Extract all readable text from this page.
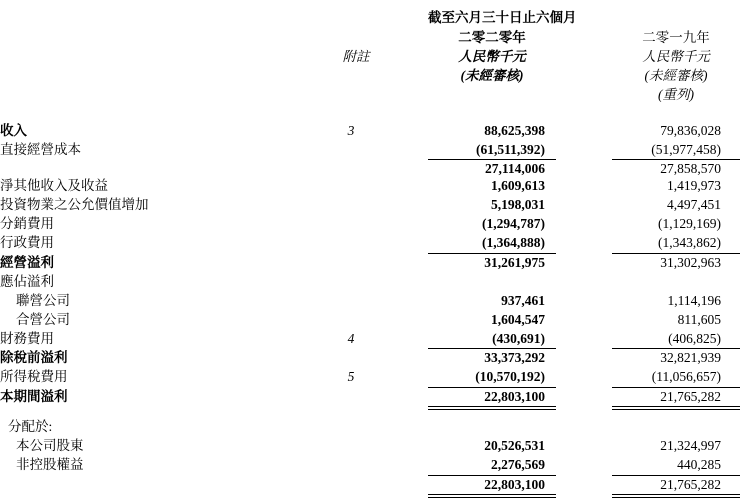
截至六月三十日止六個月
二零二零年
人民幣千元
(未經審核)
二零一九年
人民幣千元
(未經審核)
(重列)
附註
收入	3	88,625,398	79,836,028
直接經營成本	(61,511,392)	(51,977,458)
27,114,006	27,858,570
淨其他收入及收益	1,609,613	1,419,973
投資物業之公允價值增加	5,198,031	4,497,451
分銷費用	(1,294,787)	(1,129,169)
行政費用	(1,364,888)	(1,343,862)
經營溢利	31,261,975	31,302,963
應佔溢利
聯營公司	937,461	1,114,196
合營公司	1,604,547	811,605
財務費用	4	(430,691)	(406,825)
除稅前溢利	33,373,292	32,821,939
所得稅費用	5	(10,570,192)	(11,056,657)
本期間溢利	22,803,100	21,765,282
分配於:
本公司股東	20,526,531	21,324,997
非控股權益	2,276,569	440,285
22,803,100	21,765,282
